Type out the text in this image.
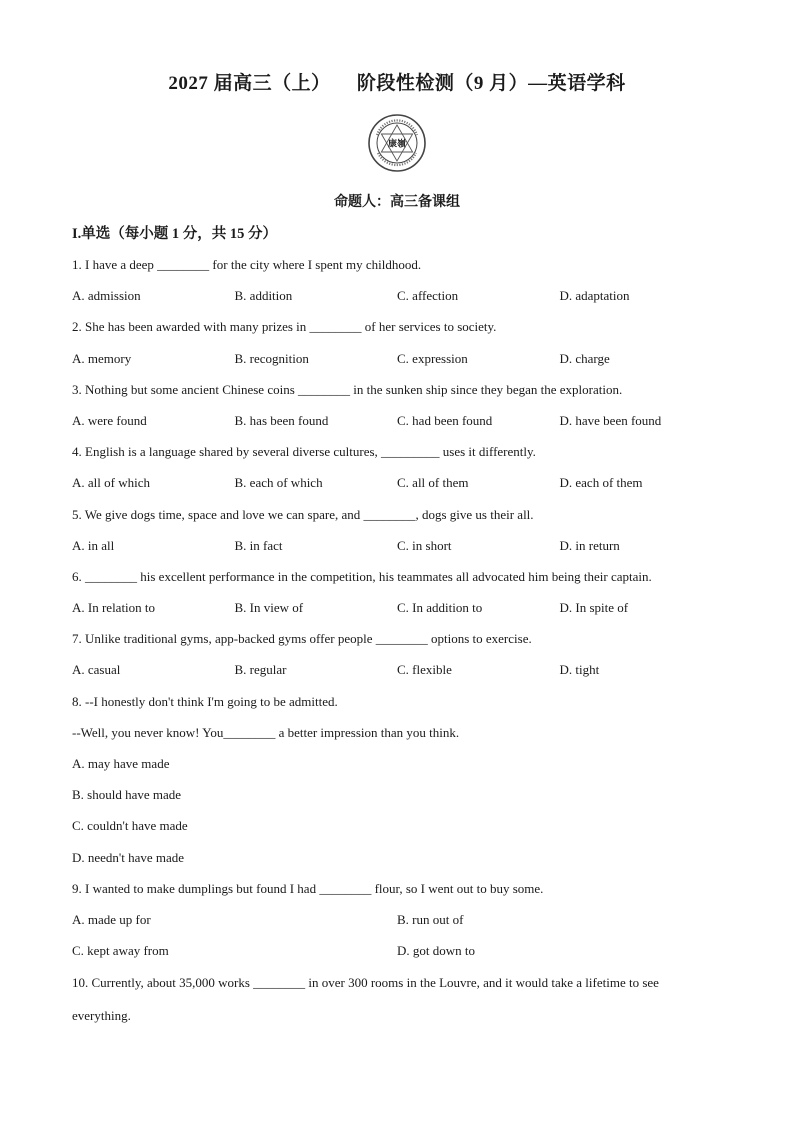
2027 届高三（上）     阶段性检测（9 月）—英语学科
康嶺
命题人：高三备课组
I.单选（每小题 1 分，共 15 分）
1. I have a deep ________ for the city where I spent my childhood.
A. admission	B. addition	C. affection	D. adaptation
2. She has been awarded with many prizes in ________ of her services to society.
A. memory	B. recognition	C. expression	D. charge
3. Nothing but some ancient Chinese coins ________ in the sunken ship since they began the exploration.
A. were found	B. has been found	C. had been found	D. have been found
4. English is a language shared by several diverse cultures, _________ uses it differently.
A. all of which	B. each of which	C. all of them	D. each of them
5. We give dogs time, space and love we can spare, and ________, dogs give us their all.
A. in all	B. in fact	C. in short	D. in return
6. ________ his excellent performance in the competition, his teammates all advocated him being their captain.
A. In relation to	B. In view of	C. In addition to	D. In spite of
7. Unlike traditional gyms, app-backed gyms offer people ________ options to exercise.
A. casual	B. regular	C. flexible	D. tight
8. --I honestly don't think I'm going to be admitted.
--Well, you never know! You________ a better impression than you think.
A. may have made
B. should have made
C. couldn't have made
D. needn't have made
9. I wanted to make dumplings but found I had ________ flour, so I went out to buy some.
A. made up for	B. run out of
C. kept away from	D. got down to
10. Currently, about 35,000 works ________ in over 300 rooms in the Louvre, and it would take a lifetime to see everything.
